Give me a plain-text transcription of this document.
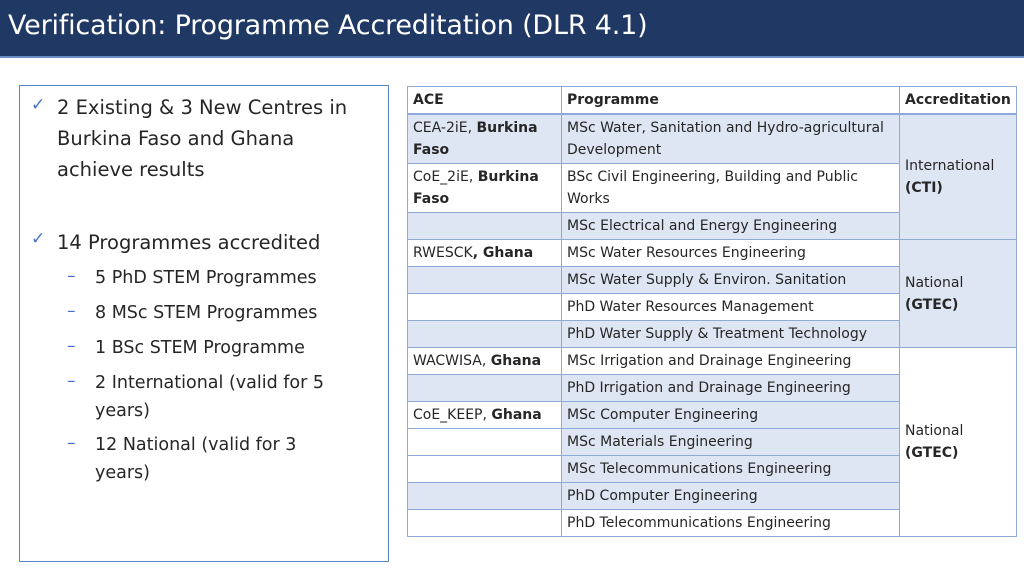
Verification: Programme Accreditation (DLR 4.1)
✓ 2 Existing & 3 New Centres in
Burkina Faso and Ghana
achieve results
✓ 14 Programmes accredited
– 5 PhD STEM Programmes
– 8 MSc STEM Programmes
– 1 BSc STEM Programme
– 2 International (valid for 5
years)
– 12 National (valid for 3
years)
ACE	Programme	Accreditation
CEA-2iE, Burkina Faso	MSc Water, Sanitation and Hydro-agricultural Development	International
(CTI)

CoE_2iE, Burkina Faso	BSc Civil Engineering, Building and Public Works	
	MSc Electrical and Energy Engineering	
RWESCK, Ghana	MSc Water Resources Engineering	National
(GTEC)

	MSc Water Supply & Environ. Sanitation	
	PhD Water Resources Management	
	PhD Water Supply & Treatment Technology	
WACWISA, Ghana	MSc Irrigation and Drainage Engineering	National
(GTEC)

	PhD Irrigation and Drainage Engineering	
CoE_KEEP, Ghana	MSc Computer Engineering	
	MSc Materials Engineering	
	MSc Telecommunications Engineering	
	PhD Computer Engineering	
	PhD Telecommunications Engineering	
